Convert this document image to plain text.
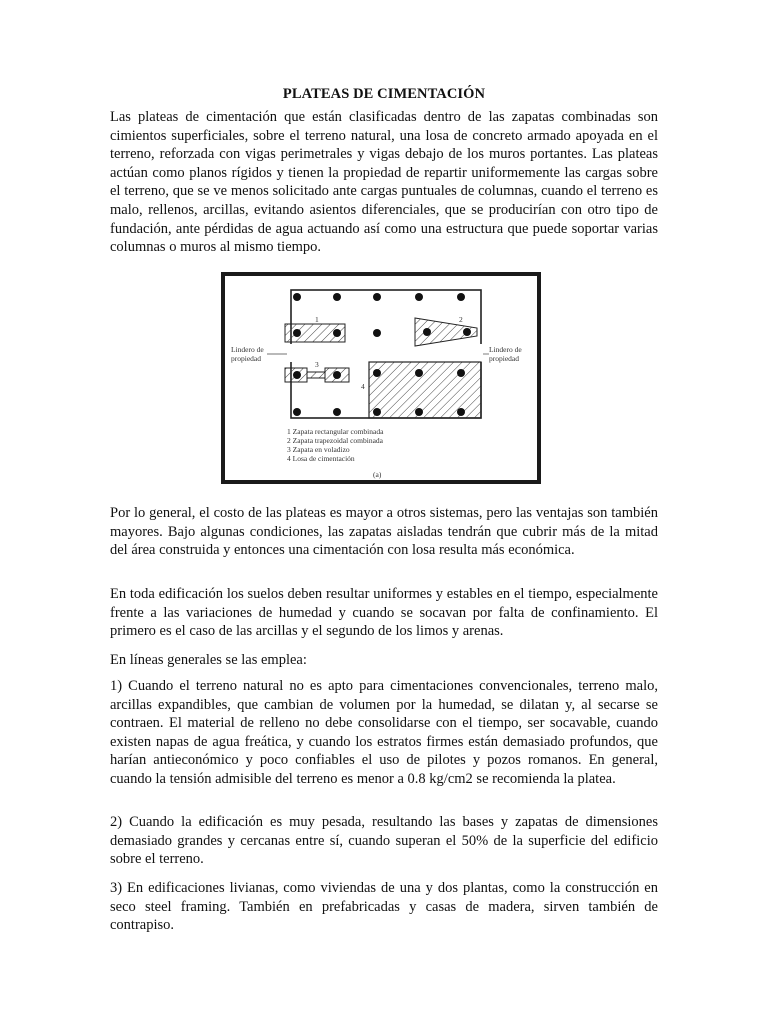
PLATEAS DE CIMENTACIÓN

Las plateas de cimentación que están clasificadas dentro de las zapatas combinadas son cimientos superficiales, sobre el terreno natural, una losa de concreto armado apoyada en el terreno, reforzada con vigas perimetrales y vigas debajo de los muros portantes. Las plateas actúan como planos rígidos y tienen la propiedad de repartir uniformemente las cargas sobre el terreno, que se ve menos solicitado ante cargas puntuales de columnas, cuando el terreno es malo, rellenos, arcillas, evitando asientos diferenciales, que se producirían con otro tipo de fundación, ante pérdidas de agua actuando así como una estructura que puede soportar varias columnas o muros al mismo tiempo.

1	2
3
4
Lindero de
propiedad
Lindero de
propiedad
1 Zapata rectangular combinada
2 Zapata trapezoidal combinada
3 Zapata en voladizo
4 Losa de cimentación
(a)

Por lo general, el costo de las plateas es mayor a otros sistemas, pero las ventajas son también mayores. Bajo algunas condiciones, las zapatas aisladas tendrán que cubrir más de la mitad del área construida y entonces una cimentación con losa resulta más económica.

En toda edificación los suelos deben resultar uniformes y estables en el tiempo, especialmente frente a las variaciones de humedad y cuando se socavan por falta de confinamiento. El primero es el caso de las arcillas y el segundo de los limos y arenas.

En líneas generales se las emplea:

1) Cuando el terreno natural no es apto para cimentaciones convencionales, terreno malo, arcillas expandibles, que cambian de volumen por la humedad, se dilatan y, al secarse se contraen. El material de relleno no debe consolidarse con el tiempo, ser socavable, cuando existen napas de agua freática, y cuando los estratos firmes están demasiado profundos, que harían antieconómico y poco confiables el uso de pilotes y pozos romanos. En general, cuando la tensión admisible del terreno es menor a 0.8 kg/cm2 se recomienda la platea.

2) Cuando la edificación es muy pesada, resultando las bases y zapatas de dimensiones demasiado grandes y cercanas entre sí, cuando superan el 50% de la superficie del edificio sobre el terreno.

3) En edificaciones livianas, como viviendas de una y dos plantas, como la construcción en seco steel framing. También en prefabricadas y casas de madera, sirven también de contrapiso.
